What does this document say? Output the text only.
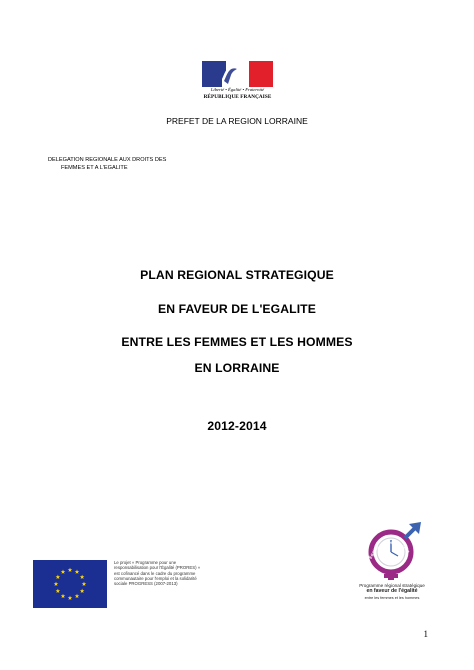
Liberté • Égalité • Fraternité
RÉPUBLIQUE FRANÇAISE
PREFET DE LA REGION LORRAINE
DELEGATION REGIONALE AUX DROITS DES
FEMMES ET A L'EGALITE
PLAN REGIONAL STRATEGIQUE
EN FAVEUR DE L'EGALITE
ENTRE LES FEMMES ET LES HOMMES
EN LORRAINE
2012-2014
Le projet « Programme pour une responsabilisation pour l'Égalité (PRORES) » est cofinancé dans le cadre du programme communautaire pour l'emploi et la solidarité sociale PROGRESS (2007-2013)
Égalité professionnelle
Programme régional stratégique
en faveur de l'égalité
entre les femmes et les hommes
1
